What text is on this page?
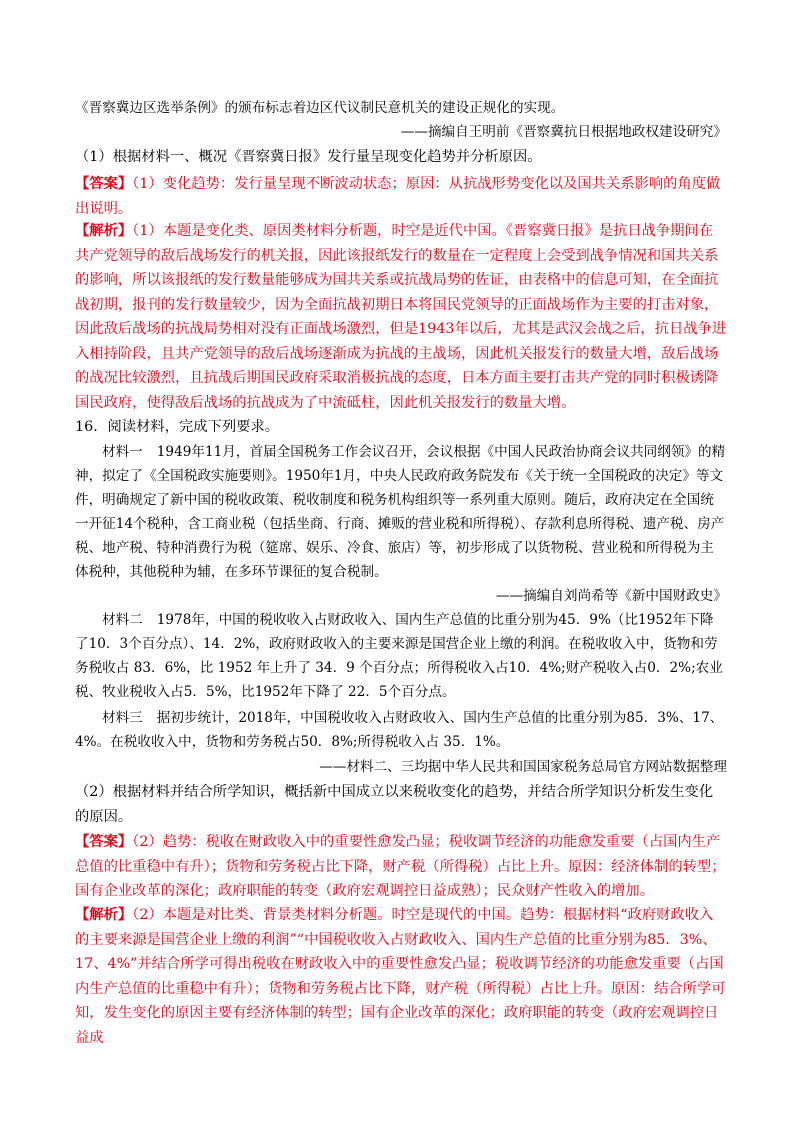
《晋察冀边区选举条例》的颁布标志着边区代议制民意机关的建设正规化的实现。

——摘编自王明前《晋察冀抗日根据地政权建设研究》

（1）根据材料一、概况《晋察冀日报》发行量呈现变化趋势并分析原因。

【答案】（1）变化趋势：发行量呈现不断波动状态；原因：从抗战形势变化以及国共关系影响的角度做出说明。

【解析】（1）本题是变化类、原因类材料分析题，时空是近代中国。《晋察冀日报》是抗日战争期间在共产党领导的敌后战场发行的机关报，因此该报纸发行的数量在一定程度上会受到战争情况和国共关系的影响，所以该报纸的发行数量能够成为国共关系或抗战局势的佐证，由表格中的信息可知，在全面抗战初期，报刊的发行数量较少，因为全面抗战初期日本将国民党领导的正面战场作为主要的打击对象，因此敌后战场的抗战局势相对没有正面战场激烈，但是1943年以后，尤其是武汉会战之后，抗日战争进入相持阶段，且共产党领导的敌后战场逐渐成为抗战的主战场，因此机关报发行的数量大增，敌后战场的战况比较激烈，且抗战后期国民政府采取消极抗战的态度，日本方面主要打击共产党的同时积极诱降国民政府，使得敌后战场的抗战成为了中流砥柱，因此机关报发行的数量大增。

16．阅读材料，完成下列要求。

材料一 1949年11月，首届全国税务工作会议召开，会议根据《中国人民政治协商会议共同纲领》的精神，拟定了《全国税政实施要则》。1950年1月，中央人民政府政务院发布《关于统一全国税政的决定》等文件，明确规定了新中国的税收政策、税收制度和税务机构组织等一系列重大原则。随后，政府决定在全国统一开征14个税种，含工商业税（包括坐商、行商、摊贩的营业税和所得税）、存款利息所得税、遗产税、房产税、地产税、特种消费行为税（筵席、娱乐、冷食、旅店）等，初步形成了以货物税、营业税和所得税为主体税种，其他税种为辅，在多环节课征的复合税制。

——摘编自刘尚希等《新中国财政史》

材料二 1978年，中国的税收收入占财政收入、国内生产总值的比重分别为45．9%（比1952年下降了10．3个百分点）、14．2%，政府财政收入的主要来源是国营企业上缴的利润。在税收收入中，货物和劳务税收占 83．6%，比 1952 年上升了 34．9 个百分点；所得税收入占10．4%;财产税收入占0．2%;农业税、牧业税收入占5．5%，比1952年下降了 22．5个百分点。

材料三 据初步统计，2018年，中国税收收入占财政收入、国内生产总值的比重分别为85．3%、17、4%。在税收收入中，货物和劳务税占50．8%;所得税收入占 35．1%。

——材料二、三均据中华人民共和国国家税务总局官方网站数据整理

（2）根据材料并结合所学知识，概括新中国成立以来税收变化的趋势，并结合所学知识分析发生变化的原因。

【答案】（2）趋势：税收在财政收入中的重要性愈发凸显；税收调节经济的功能愈发重要（占国内生产总值的比重稳中有升）；货物和劳务税占比下降，财产税（所得税）占比上升。原因：经济体制的转型；国有企业改革的深化；政府职能的转变（政府宏观调控日益成熟）；民众财产性收入的增加。

【解析】（2）本题是对比类、背景类材料分析题。时空是现代的中国。趋势：根据材料“政府财政收入的主要来源是国营企业上缴的利润”“中国税收收入占财政收入、国内生产总值的比重分别为85．3%、17、4%”并结合所学可得出税收在财政收入中的重要性愈发凸显；税收调节经济的功能愈发重要（占国内生产总值的比重稳中有升）；货物和劳务税占比下降，财产税（所得税）占比上升。原因：结合所学可知，发生变化的原因主要有经济体制的转型；国有企业改革的深化；政府职能的转变（政府宏观调控日益成
